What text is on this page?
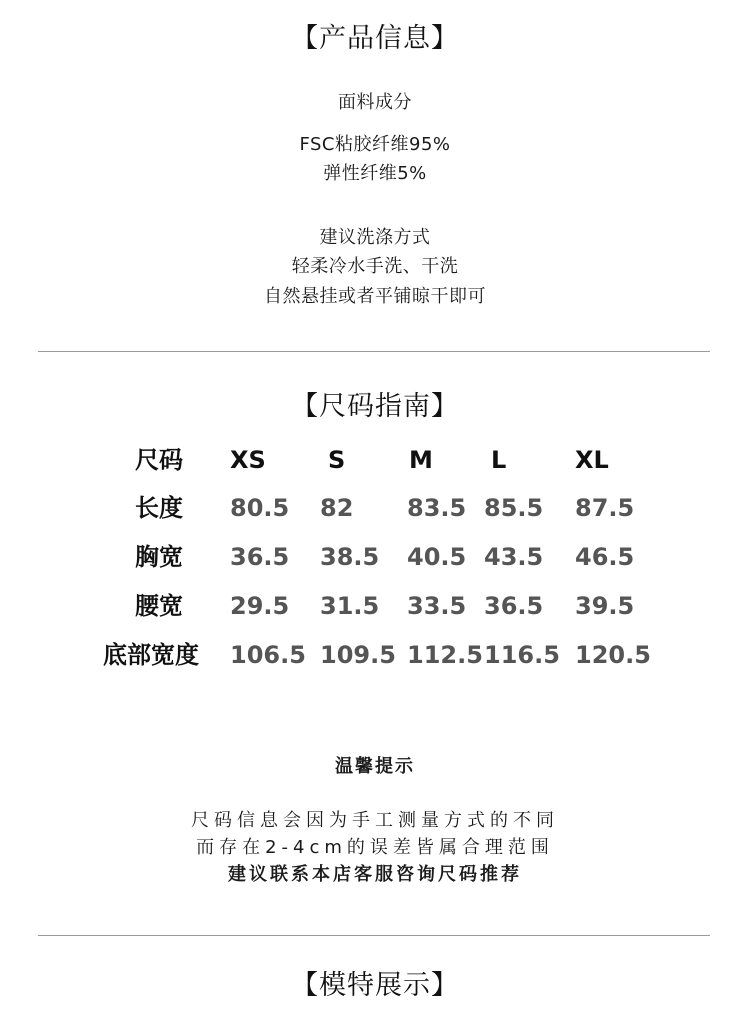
【产品信息】
面料成分
FSC粘胶纤维95%
弹性纤维5%
建议洗涤方式
轻柔冷水手洗、干洗
自然悬挂或者平铺晾干即可
【尺码指南】
尺码 XS	S	M L	XL
长度 80.5 82 83.5 85.5 87.5
胸宽 36.5 38.5 40.5 43.5 46.5
腰宽 29.5 31.5 33.5 36.5 39.5
底部宽度 106.5 109.5 112.5 116.5 120.5
温馨提示
尺码信息会因为手工测量方式的不同
而存在2-4cm的误差皆属合理范围
建议联系本店客服咨询尺码推荐
【模特展示】
